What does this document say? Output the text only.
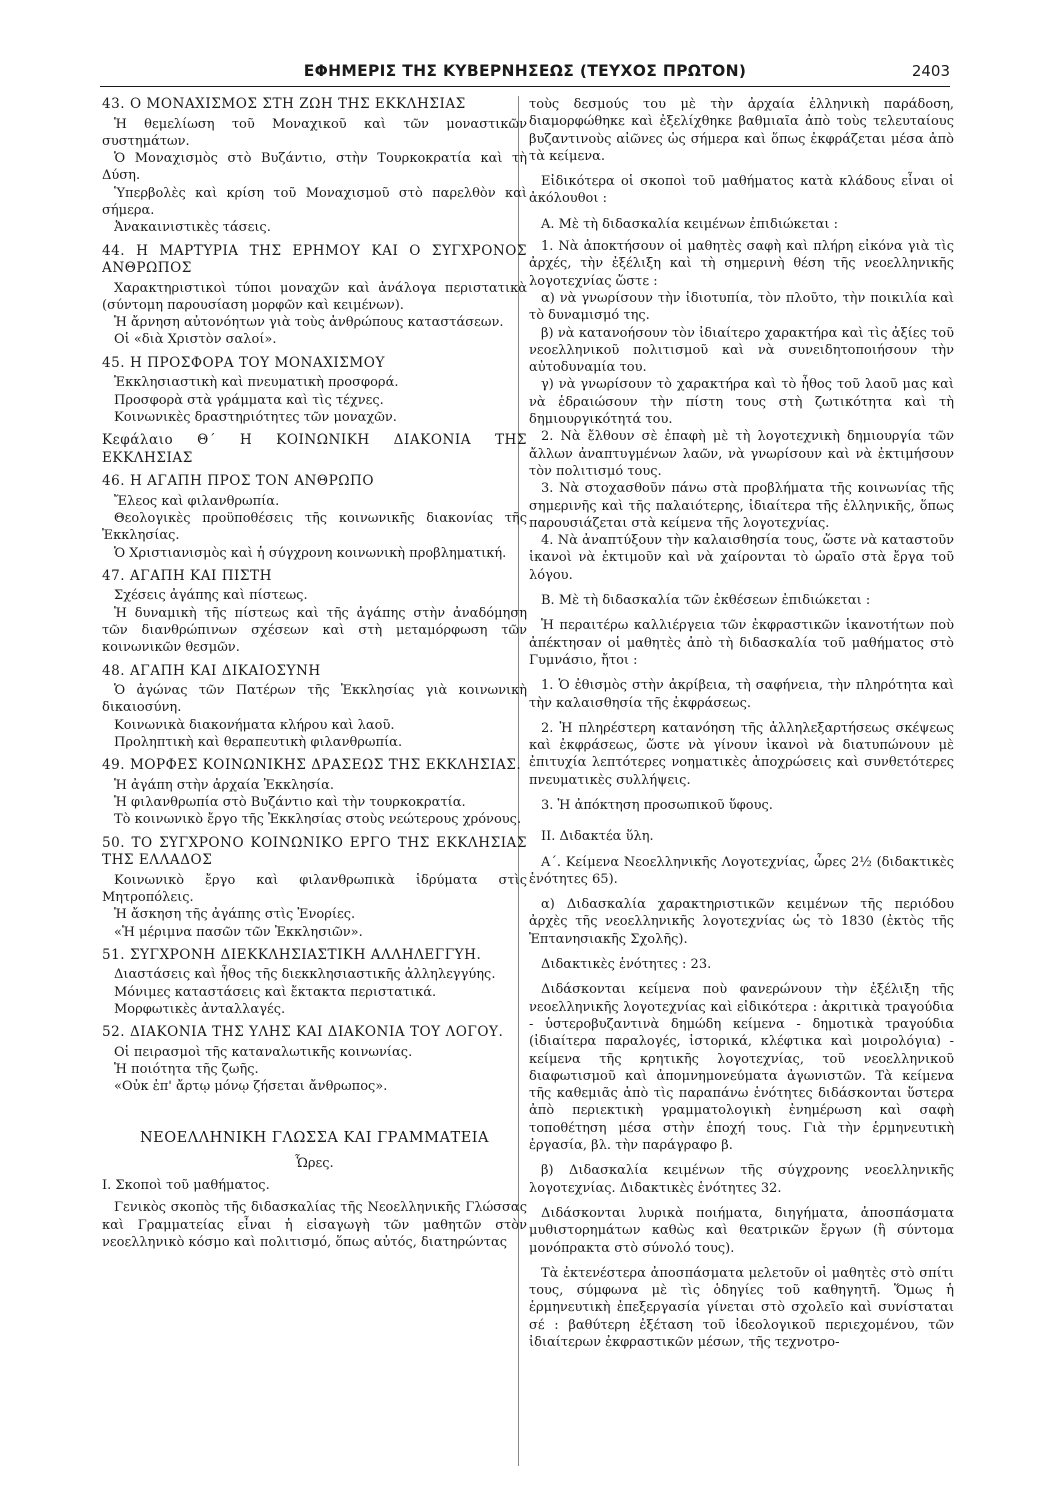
ΕΦΗΜΕΡΙΣ ΤΗΣ ΚΥΒΕΡΝΗΣΕΩΣ (ΤΕΥΧΟΣ ΠΡΩΤΟΝ)	2403
43. Ο ΜΟΝΑΧΙΣΜΟΣ ΣΤΗ ΖΩΗ ΤΗΣ ΕΚΚΛΗΣΙΑΣ

Ἡ θεμελίωση τοῦ Μοναχικοῦ καὶ τῶν μοναστικῶν συστημάτων.

Ὁ Μοναχισμὸς στὸ Βυζάντιο, στὴν Τουρκοκρατία καὶ τὴ Δύση.

Ὑπερβολὲς καὶ κρίση τοῦ Μοναχισμοῦ στὸ παρελθὸν καὶ σήμερα.

Ἀνακαινιστικὲς τάσεις.

44. Η ΜΑΡΤΥΡΙΑ ΤΗΣ ΕΡΗΜΟΥ ΚΑΙ Ο ΣΥΓΧΡΟΝΟΣ ΑΝΘΡΩΠΟΣ

Χαρακτηριστικοὶ τύποι μοναχῶν καὶ ἀνάλογα περιστατικὰ (σύντομη παρουσίαση μορφῶν καὶ κειμένων).

Ἡ ἄρνηση αὐτονόητων γιὰ τοὺς ἀνθρώπους καταστάσεων.

Οἱ «διὰ Χριστὸν σαλοί».

45. Η ΠΡΟΣΦΟΡΑ ΤΟΥ ΜΟΝΑΧΙΣΜΟΥ

Ἐκκλησιαστικὴ καὶ πνευματικὴ προσφορά.

Προσφορὰ στὰ γράμματα καὶ τὶς τέχνες.

Κοινωνικὲς δραστηριότητες τῶν μοναχῶν.

Κεφάλαιο Θ΄ Η ΚΟΙΝΩΝΙΚΗ ΔΙΑΚΟΝΙΑ ΤΗΣ ΕΚΚΛΗΣΙΑΣ
46. Η ΑΓΑΠΗ ΠΡΟΣ ΤΟΝ ΑΝΘΡΩΠΟ

Ἔλεος καὶ φιλανθρωπία.

Θεολογικὲς προϋποθέσεις τῆς κοινωνικῆς διακονίας τῆς Ἐκκλησίας.

Ὁ Χριστιανισμὸς καὶ ἡ σύγχρονη κοινωνικὴ προβληματική.

47. ΑΓΑΠΗ ΚΑΙ ΠΙΣΤΗ

Σχέσεις ἀγάπης καὶ πίστεως.

Ἡ δυναμικὴ τῆς πίστεως καὶ τῆς ἀγάπης στὴν ἀναδόμηση τῶν διανθρώπινων σχέσεων καὶ στὴ μεταμόρφωση τῶν κοινωνικῶν θεσμῶν.

48. ΑΓΑΠΗ ΚΑΙ ΔΙΚΑΙΟΣΥΝΗ

Ὁ ἀγώνας τῶν Πατέρων τῆς Ἐκκλησίας γιὰ κοινωνικὴ δικαιοσύνη.

Κοινωνικὰ διακονήματα κλήρου καὶ λαοῦ.

Προληπτικὴ καὶ θεραπευτικὴ φιλανθρωπία.

49. ΜΟΡΦΕΣ ΚΟΙΝΩΝΙΚΗΣ ΔΡΑΣΕΩΣ ΤΗΣ ΕΚΚΛΗΣΙΑΣ.

Ἡ ἀγάπη στὴν ἀρχαία Ἐκκλησία.

Ἡ φιλανθρωπία στὸ Βυζάντιο καὶ τὴν τουρκοκρατία.

Τὸ κοινωνικὸ ἔργο τῆς Ἐκκλησίας στοὺς νεώτερους χρόνους.

50. ΤΟ ΣΥΓΧΡΟΝΟ ΚΟΙΝΩΝΙΚΟ ΕΡΓΟ ΤΗΣ ΕΚΚΛΗΣΙΑΣ ΤΗΣ ΕΛΛΑΔΟΣ

Κοινωνικὸ ἔργο καὶ φιλανθρωπικὰ ἱδρύματα στὶς Μητροπόλεις.

Ἡ ἄσκηση τῆς ἀγάπης στὶς Ἐνορίες.

«Ἡ μέριμνα πασῶν τῶν Ἐκκλησιῶν».

51. ΣΥΓΧΡΟΝΗ ΔΙΕΚΚΛΗΣΙΑΣΤΙΚΗ ΑΛΛΗΛΕΓΓΥΗ.

Διαστάσεις καὶ ἦθος τῆς διεκκλησιαστικῆς ἀλληλεγγύης.

Μόνιμες καταστάσεις καὶ ἔκτακτα περιστατικά.

Μορφωτικὲς ἀνταλλαγές.

52. ΔΙΑΚΟΝΙΑ ΤΗΣ ΥΛΗΣ ΚΑΙ ΔΙΑΚΟΝΙΑ ΤΟΥ ΛΟΓΟΥ.

Οἱ πειρασμοὶ τῆς καταναλωτικῆς κοινωνίας.

Ἡ ποιότητα τῆς ζωῆς.

«Οὐκ ἐπ' ἄρτῳ μόνῳ ζήσεται ἄνθρωπος».

ΝΕΟΕΛΛΗΝΙΚΗ ΓΛΩΣΣΑ ΚΑΙ ΓΡΑΜΜΑΤΕΙΑ

Ὧρες.

Ι. Σκοποὶ τοῦ μαθήματος.

Γενικὸς σκοπὸς τῆς διδασκαλίας τῆς Νεοελληνικῆς Γλώσσας καὶ Γραμματείας εἶναι ἡ εἰσαγωγὴ τῶν μαθητῶν στὸν νεοελληνικὸ κόσμο καὶ πολιτισμό, ὅπως αὐτός, διατηρώντας

τοὺς δεσμούς του μὲ τὴν ἀρχαία ἑλληνικὴ παράδοση, διαμορφώθηκε καὶ ἐξελίχθηκε βαθμιαῖα ἀπὸ τοὺς τελευταίους βυζαντινοὺς αἰῶνες ὡς σήμερα καὶ ὅπως ἐκφράζεται μέσα ἀπὸ τὰ κείμενα.

Εἰδικότερα οἱ σκοποὶ τοῦ μαθήματος κατὰ κλάδους εἶναι οἱ ἀκόλουθοι :

Α. Μὲ τὴ διδασκαλία κειμένων ἐπιδιώκεται :

1. Νὰ ἀποκτήσουν οἱ μαθητὲς σαφὴ καὶ πλήρη εἰκόνα γιὰ τὶς ἀρχές, τὴν ἐξέλιξη καὶ τὴ σημερινὴ θέση τῆς νεοελληνικῆς λογοτεχνίας ὥστε :

α) νὰ γνωρίσουν τὴν ἰδιοτυπία, τὸν πλοῦτο, τὴν ποικιλία καὶ τὸ δυναμισμό της.

β) νὰ κατανοήσουν τὸν ἰδιαίτερο χαρακτήρα καὶ τὶς ἀξίες τοῦ νεοελληνικοῦ πολιτισμοῦ καὶ νὰ συνειδητοποιήσουν τὴν αὐτοδυναμία του.

γ) νὰ γνωρίσουν τὸ χαρακτήρα καὶ τὸ ἦθος τοῦ λαοῦ μας καὶ νὰ ἑδραιώσουν τὴν πίστη τους στὴ ζωτικότητα καὶ τὴ δημιουργικότητά του.

2. Νὰ ἔλθουν σὲ ἐπαφὴ μὲ τὴ λογοτεχνικὴ δημιουργία τῶν ἄλλων ἀναπτυγμένων λαῶν, νὰ γνωρίσουν καὶ νὰ ἐκτιμήσουν τὸν πολιτισμό τους.

3. Νὰ στοχασθοῦν πάνω στὰ προβλήματα τῆς κοινωνίας τῆς σημερινῆς καὶ τῆς παλαιότερης, ἰδιαίτερα τῆς ἑλληνικῆς, ὅπως παρουσιάζεται στὰ κείμενα τῆς λογοτεχνίας.

4. Νὰ ἀναπτύξουν τὴν καλαισθησία τους, ὥστε νὰ καταστοῦν ἱκανοὶ νὰ ἐκτιμοῦν καὶ νὰ χαίρονται τὸ ὡραῖο στὰ ἔργα τοῦ λόγου.

Β. Μὲ τὴ διδασκαλία τῶν ἐκθέσεων ἐπιδιώκεται :

Ἡ περαιτέρω καλλιέργεια τῶν ἐκφραστικῶν ἱκανοτήτων ποὺ ἀπέκτησαν οἱ μαθητὲς ἀπὸ τὴ διδασκαλία τοῦ μαθήματος στὸ Γυμνάσιο, ἤτοι :

1. Ὁ ἐθισμὸς στὴν ἀκρίβεια, τὴ σαφήνεια, τὴν πληρότητα καὶ τὴν καλαισθησία τῆς ἐκφράσεως.

2. Ἡ πληρέστερη κατανόηση τῆς ἀλληλεξαρτήσεως σκέψεως καὶ ἐκφράσεως, ὥστε νὰ γίνουν ἱκανοὶ νὰ διατυπώνουν μὲ ἐπιτυχία λεπτότερες νοηματικὲς ἀποχρώσεις καὶ συνθετότερες πνευματικὲς συλλήψεις.

3. Ἡ ἀπόκτηση προσωπικοῦ ὕφους.

ΙΙ. Διδακτέα ὕλη.

Α΄. Κείμενα Νεοελληνικῆς Λογοτεχνίας, ὧρες 2½ (διδακτικὲς ἑνότητες 65).

α) Διδασκαλία χαρακτηριστικῶν κειμένων τῆς περιόδου ἀρχὲς τῆς νεοελληνικῆς λογοτεχνίας ὡς τὸ 1830 (ἐκτὸς τῆς Ἑπτανησιακῆς Σχολῆς).

Διδακτικὲς ἑνότητες : 23.

Διδάσκονται κείμενα ποὺ φανερώνουν τὴν ἐξέλιξη τῆς νεοελληνικῆς λογοτεχνίας καὶ εἰδικότερα : ἀκριτικὰ τραγούδια - ὑστεροβυζαντινὰ δημώδη κείμενα - δημοτικὰ τραγούδια (ἰδιαίτερα παραλογές, ἱστορικά, κλέφτικα καὶ μοιρολόγια) - κείμενα τῆς κρητικῆς λογοτεχνίας, τοῦ νεοελληνικοῦ διαφωτισμοῦ καὶ ἀπομνημονεύματα ἀγωνιστῶν. Τὰ κείμενα τῆς καθεμιᾶς ἀπὸ τὶς παραπάνω ἑνότητες διδάσκονται ὕστερα ἀπὸ περιεκτικὴ γραμματολογικὴ ἐνημέρωση καὶ σαφὴ τοποθέτηση μέσα στὴν ἐποχή τους. Γιὰ τὴν ἑρμηνευτικὴ ἐργασία, βλ. τὴν παράγραφο β.

β) Διδασκαλία κειμένων τῆς σύγχρονης νεοελληνικῆς λογοτεχνίας. Διδακτικὲς ἑνότητες 32.

Διδάσκονται λυρικὰ ποιήματα, διηγήματα, ἀποσπάσματα μυθιστορημάτων καθὼς καὶ θεατρικῶν ἔργων (ἢ σύντομα μονόπρακτα στὸ σύνολό τους).

Τὰ ἐκτενέστερα ἀποσπάσματα μελετοῦν οἱ μαθητὲς στὸ σπίτι τους, σύμφωνα μὲ τὶς ὁδηγίες τοῦ καθηγητῆ. Ὅμως ἡ ἑρμηνευτικὴ ἐπεξεργασία γίνεται στὸ σχολεῖο καὶ συνίσταται σέ : βαθύτερη ἐξέταση τοῦ ἰδεολογικοῦ περιεχομένου, τῶν ἰδιαίτερων ἐκφραστικῶν μέσων, τῆς τεχνοτρο-
